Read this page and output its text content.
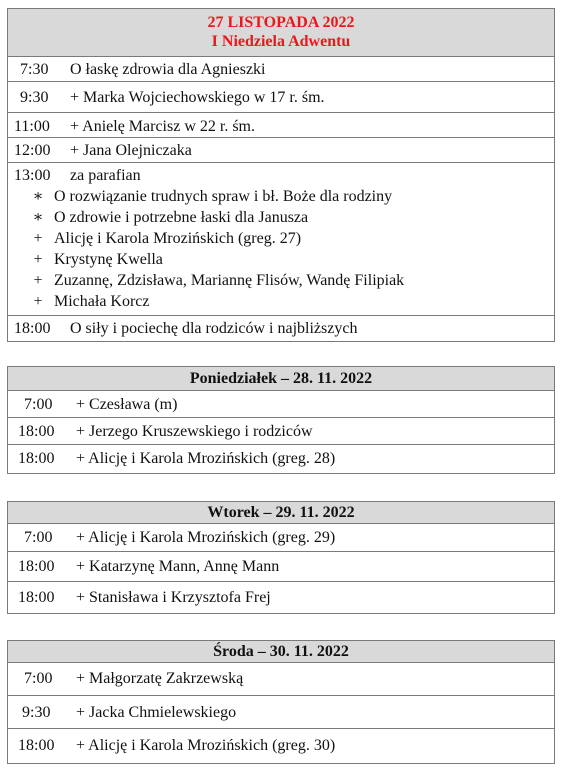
27 LISTOPADA 2022
I Niedziela Adwentu
7:30 O łaskę zdrowia dla Agnieszki
9:30 + Marka Wojciechowskiego w 17 r. śm.
11:00 + Anielę Marcisz w 22 r. śm.
12:00 + Jana Olejniczaka
13:00 za parafian
∗ O rozwiązanie trudnych spraw i bł. Boże dla rodziny
∗ O zdrowie i potrzebne łaski dla Janusza
+ Alicję i Karola Mrozińskich (greg. 27)
+ Krystynę Kwella
+ Zuzannę, Zdzisława, Mariannę Flisów, Wandę Filipiak
+ Michała Korcz
18:00 O siły i pociechę dla rodziców i najbliższych
Poniedziałek – 28. 11. 2022
7:00 + Czesława (m)
18:00 + Jerzego Kruszewskiego i rodziców
18:00 + Alicję i Karola Mrozińskich (greg. 28)
Wtorek – 29. 11. 2022
7:00 + Alicję i Karola Mrozińskich (greg. 29)
18:00 + Katarzynę Mann, Annę Mann
18:00 + Stanisława i Krzysztofa Frej
Środa – 30. 11. 2022
7:00 + Małgorzatę Zakrzewską
9:30 + Jacka Chmielewskiego
18:00 + Alicję i Karola Mrozińskich (greg. 30)
